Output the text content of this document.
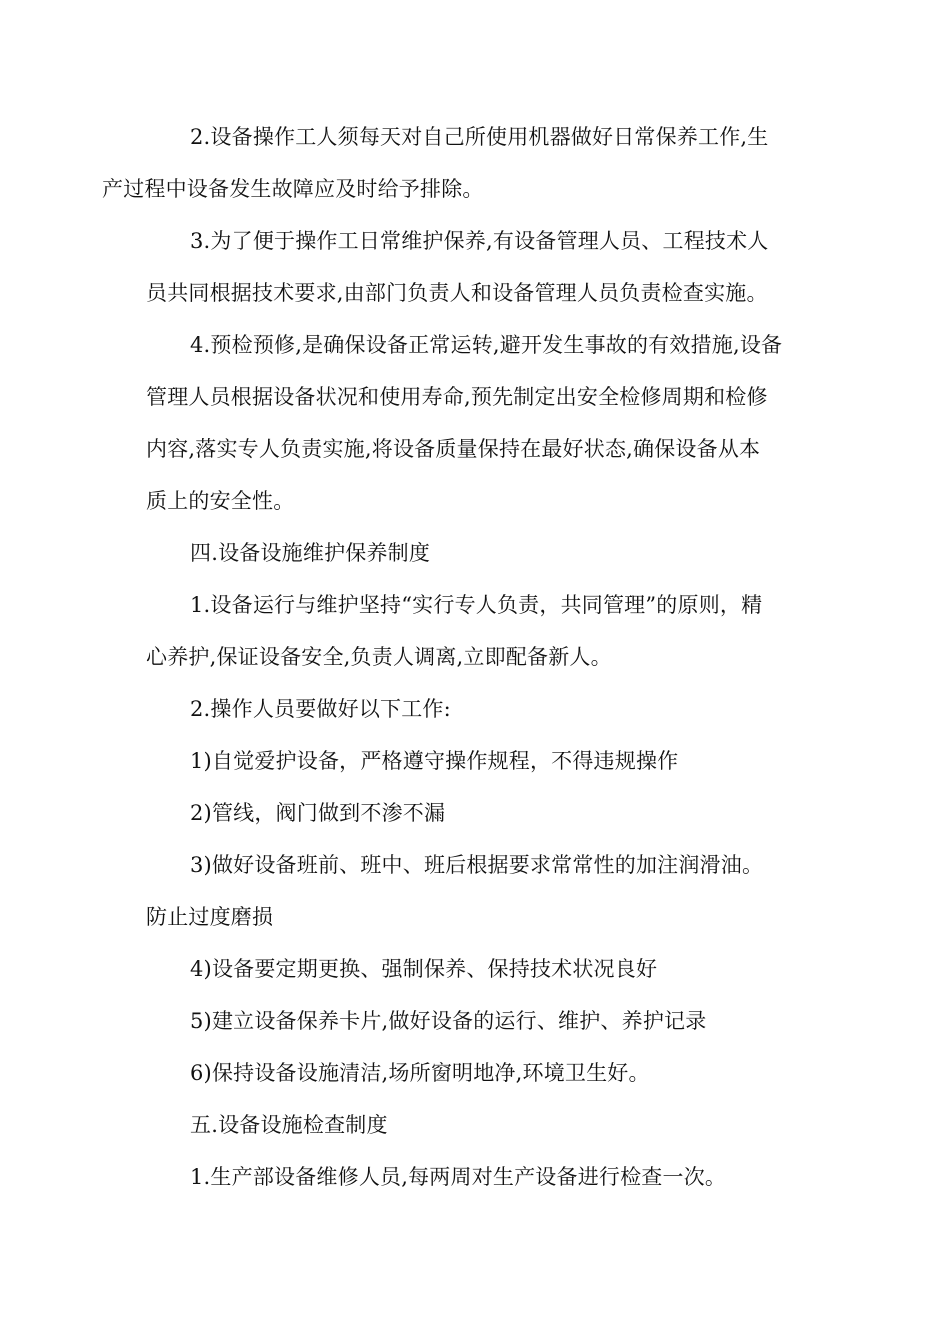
2.设备操作工人须每天对自己所使用机器做好日常保养工作,生
产过程中设备发生故障应及时给予排除。
3.为了便于操作工日常维护保养,有设备管理人员、工程技术人
员共同根据技术要求,由部门负责人和设备管理人员负责检查实施。
4.预检预修,是确保设备正常运转,避开发生事故的有效措施,设备
管理人员根据设备状况和使用寿命,预先制定出安全检修周期和检修
内容,落实专人负责实施,将设备质量保持在最好状态,确保设备从本
质上的安全性。
四.设备设施维护保养制度
1.设备运行与维护坚持“实行专人负责，共同管理”的原则，精
心养护,保证设备安全,负责人调离,立即配备新人。
2.操作人员要做好以下工作:
1)自觉爱护设备，严格遵守操作规程，不得违规操作
2)管线，阀门做到不渗不漏
3)做好设备班前、班中、班后根据要求常常性的加注润滑油。
防止过度磨损
4)设备要定期更换、强制保养、保持技术状况良好
5)建立设备保养卡片,做好设备的运行、维护、养护记录
6)保持设备设施清洁,场所窗明地净,环境卫生好。
五.设备设施检查制度
1.生产部设备维修人员,每两周对生产设备进行检查一次。
